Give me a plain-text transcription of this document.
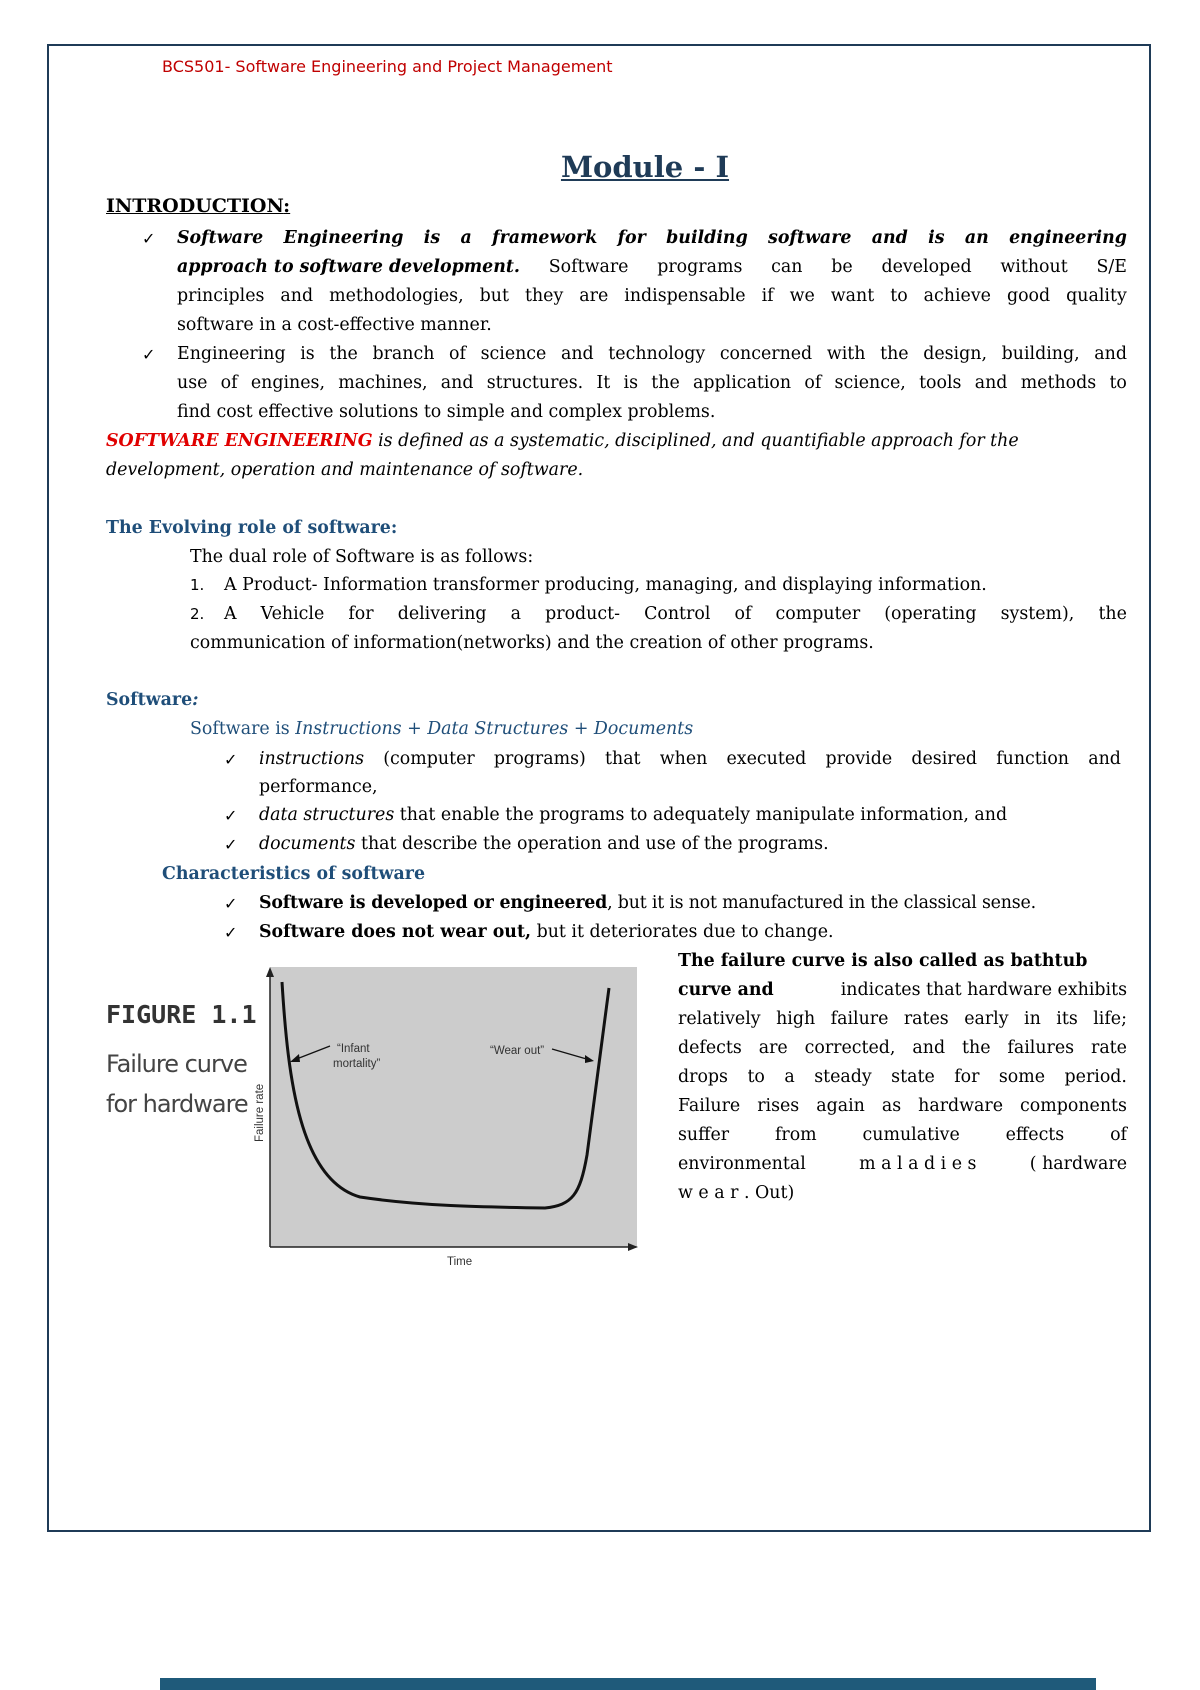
BCS501- Software Engineering and Project Management
Module - I
INTRODUCTION:
✓ Software Engineering is a framework for building software and is an engineering
approach to software development. Software programs can be developed without S/E
principles and methodologies, but they are indispensable if we want to achieve good quality
software in a cost-effective manner.
✓ Engineering is the branch of science and technology concerned with the design, building, and
use of engines, machines, and structures. It is the application of science, tools and methods to
find cost effective solutions to simple and complex problems.
SOFTWARE ENGINEERING is defined as a systematic, disciplined, and quantifiable approach for the
development, operation and maintenance of software.
The Evolving role of software:
The dual role of Software is as follows:
1. A Product- Information transformer producing, managing, and displaying information.
2. A Vehicle for delivering a product- Control of computer (operating system), the
communication of information(networks) and the creation of other programs.
Software:
Software is Instructions + Data Structures + Documents
✓ instructions (computer programs) that when executed provide desired function and
performance,
✓ data structures that enable the programs to adequately manipulate information, and
✓ documents that describe the operation and use of the programs.
Characteristics of software
✓ Software is developed or engineered, but it is not manufactured in the classical sense.
✓ Software does not wear out, but it deteriorates due to change.
FIGURE 1.1
Failure curve
for hardware
“Infant
mortality”
“Wear out”
Failure rate
Time
The failure curve is also called as bathtub
curve and	indicates that hardware exhibits
relatively high failure rates early in its life;
defects are corrected, and the failures rate
drops to a steady state for some period.
Failure rises again as hardware components
suffer	from	cumulative	effects	of
environmental	m a l a d i e s	( hardware
w e a r . Out)
